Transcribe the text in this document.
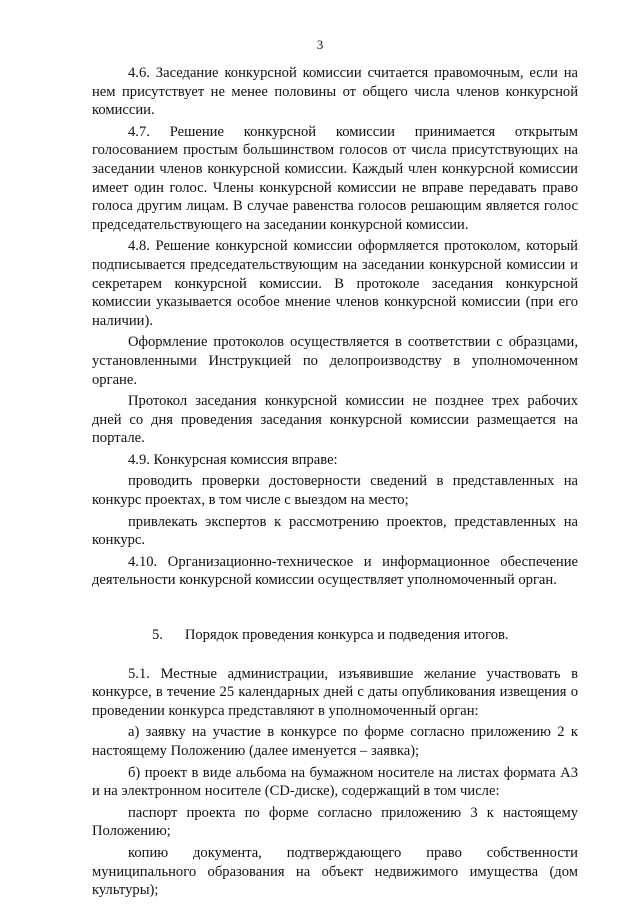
3

4.6. Заседание конкурсной комиссии считается правомочным, если на нем присутствует не менее половины от общего числа членов конкурсной комиссии.

4.7. Решение конкурсной комиссии принимается открытым голосованием простым большинством голосов от числа присутствующих на заседании членов конкурсной комиссии. Каждый член конкурсной комиссии имеет один голос. Члены конкурсной комиссии не вправе передавать право голоса другим лицам. В случае равенства голосов решающим является голос председательствующего на заседании конкурсной комиссии.

4.8. Решение конкурсной комиссии оформляется протоколом, который подписывается председательствующим на заседании конкурсной комиссии и секретарем конкурсной комиссии. В протоколе заседания конкурсной комиссии указывается особое мнение членов конкурсной комиссии (при его наличии).

Оформление протоколов осуществляется в соответствии с образцами, установленными Инструкцией по делопроизводству в уполномоченном органе.

Протокол заседания конкурсной комиссии не позднее трех рабочих дней со дня проведения заседания конкурсной комиссии размещается на портале.

4.9. Конкурсная комиссия вправе:

проводить проверки достоверности сведений в представленных на конкурс проектах, в том числе с выездом на место;

привлекать экспертов к рассмотрению проектов, представленных на конкурс.

4.10. Организационно-техническое и информационное обеспечение деятельности конкурсной комиссии осуществляет уполномоченный орган.

5.      Порядок проведения конкурса и подведения итогов.

5.1. Местные администрации, изъявившие желание участвовать в конкурсе, в течение 25 календарных дней с даты опубликования извещения о проведении конкурса представляют в уполномоченный орган:

а) заявку на участие в конкурсе по форме согласно приложению 2 к настоящему Положению (далее именуется – заявка);

б) проект в виде альбома на бумажном носителе на листах формата А3 и на электронном носителе (CD-диске), содержащий в том числе:

паспорт проекта по форме согласно приложению 3 к настоящему Положению;

копию документа, подтверждающего право собственности муниципального образования на объект недвижимого имущества (дом культуры);
